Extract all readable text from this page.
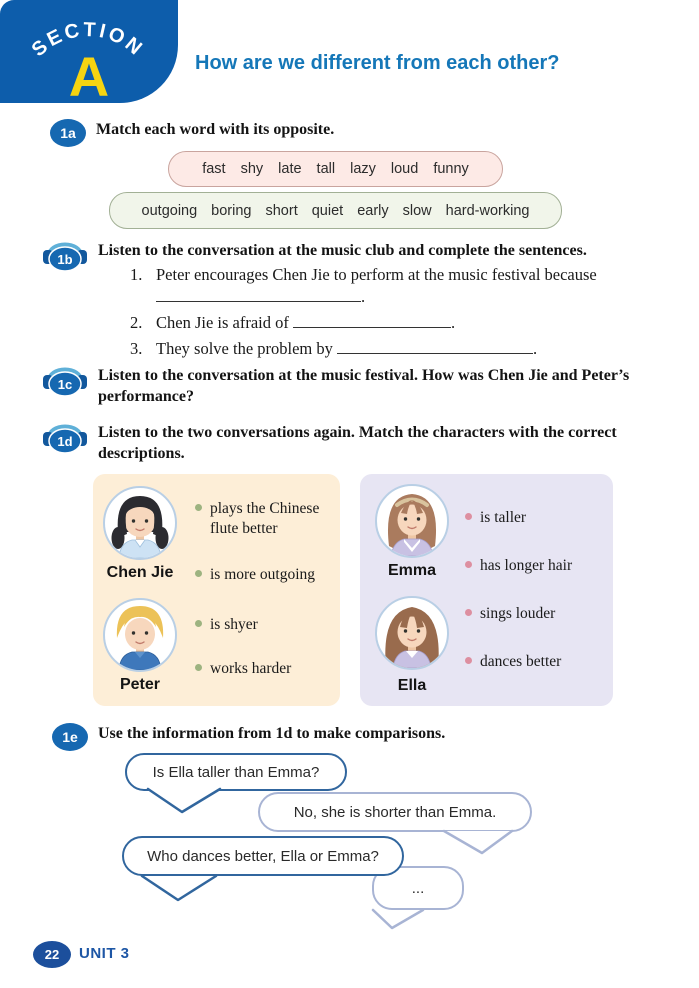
SECTION
A	How are we different from each other?
1a	Match each word with its opposite.
fast shy late tall lazy loud funny
outgoing boring short quiet early slow hard-working
1b
Listen to the conversation at the music club and complete the sentences.
1. Peter encourages Chen Jie to perform at the music festival because
.
2. Chen Jie is afraid of	.
3. They solve the problem by	.
1c
Listen to the conversation at the music festival. How was Chen Jie and Peter’s performance?
1d
Listen to the two conversations again. Match the characters with the correct descriptions.
Chen Jie
Peter
plays the Chinese flute better
is more outgoing
is shyer
works harder
Emma
Ella
is taller
has longer hair
sings louder
dances better
1e	Use the information from 1d to make comparisons.
Is Ella taller than Emma?
No, she is shorter than Emma.
Who dances better, Ella or Emma?
...
22	UNIT 3
